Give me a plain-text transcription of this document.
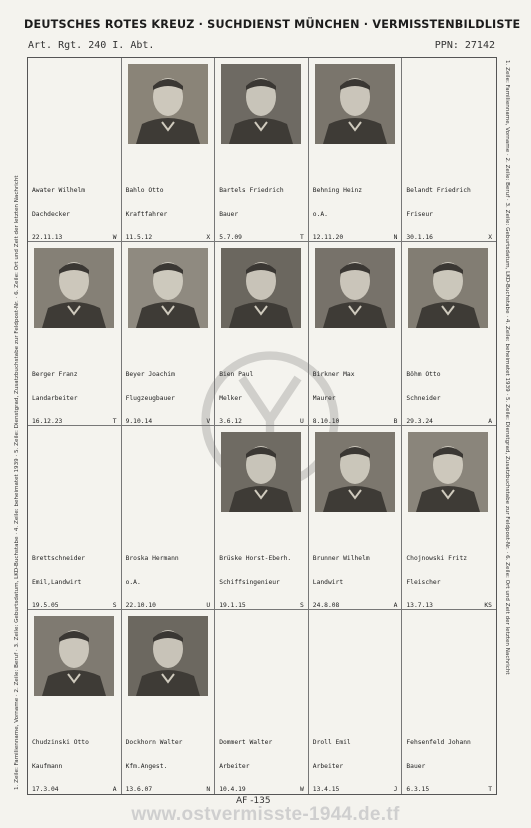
DEUTSCHES ROTES KREUZ · SUCHDIENST MÜNCHEN · VERMISSTENBILDLISTE
Art. Rgt. 240 I. Abt.	PPN: 27142
1. Zeile: Familienname, Vorname · 2. Zeile: Beruf · 3. Zeile: Geburtsdatum, LKD-Buchstabe · 4. Zeile: beheimatet 1939 · 5. Zeile: Dienstgrad, Zusatzbuchstabe zur Feldpost-Nr. · 6. Zeile: Ort und Zeit der letzten Nachricht	1. Zeile: Familienname, Vorname · 2. Zeile: Beruf · 3. Zeile: Geburtsdatum, LKD-Buchstabe · 4. Zeile: beheimatet 1939 · 5. Zeile: Dienstgrad, Zusatzbuchstabe zur Feldpost-Nr. · 6. Zeile: Ort und Zeit der letzten Nachricht

Awater Wilhelm

Dachdecker

22.11.13	W

Bahlo Otto

Kraftfahrer

11.5.12	X

Bartels Friedrich

Bauer

5.7.09	T

Behning Heinz

o.A.

12.11.20	N

Belandt Friedrich

Friseur

30.1.16	X

Berger Franz

Landarbeiter

16.12.23	T

Beyer Joachim

Flugzeugbauer

9.10.14	V

Bien Paul

Melker

3.6.12	U

Birkner Max

Maurer

8.10.10	B

Böhm Otto

Schneider

29.3.24	A

Brettschneider

Emil,Landwirt

19.5.05	S

Broska Hermann

o.A.

22.10.10	U

Brüske Horst-Eberh.

Schiffsingenieur

19.1.15	S

Brunner Wilhelm

Landwirt

24.8.08	A

Chojnowski Fritz

Fleischer

13.7.13	KS

Chudzinski Otto

Kaufmann

17.3.04	A

Dockhorn Walter

Kfm.Angest.

13.6.07	N

Dommert Walter

Arbeiter

10.4.19	W

Droll Emil

Arbeiter

13.4.15	J

Fehsenfeld Johann

Bauer

6.3.15	T

AF -135
www.ostvermisste-1944.de.tf
